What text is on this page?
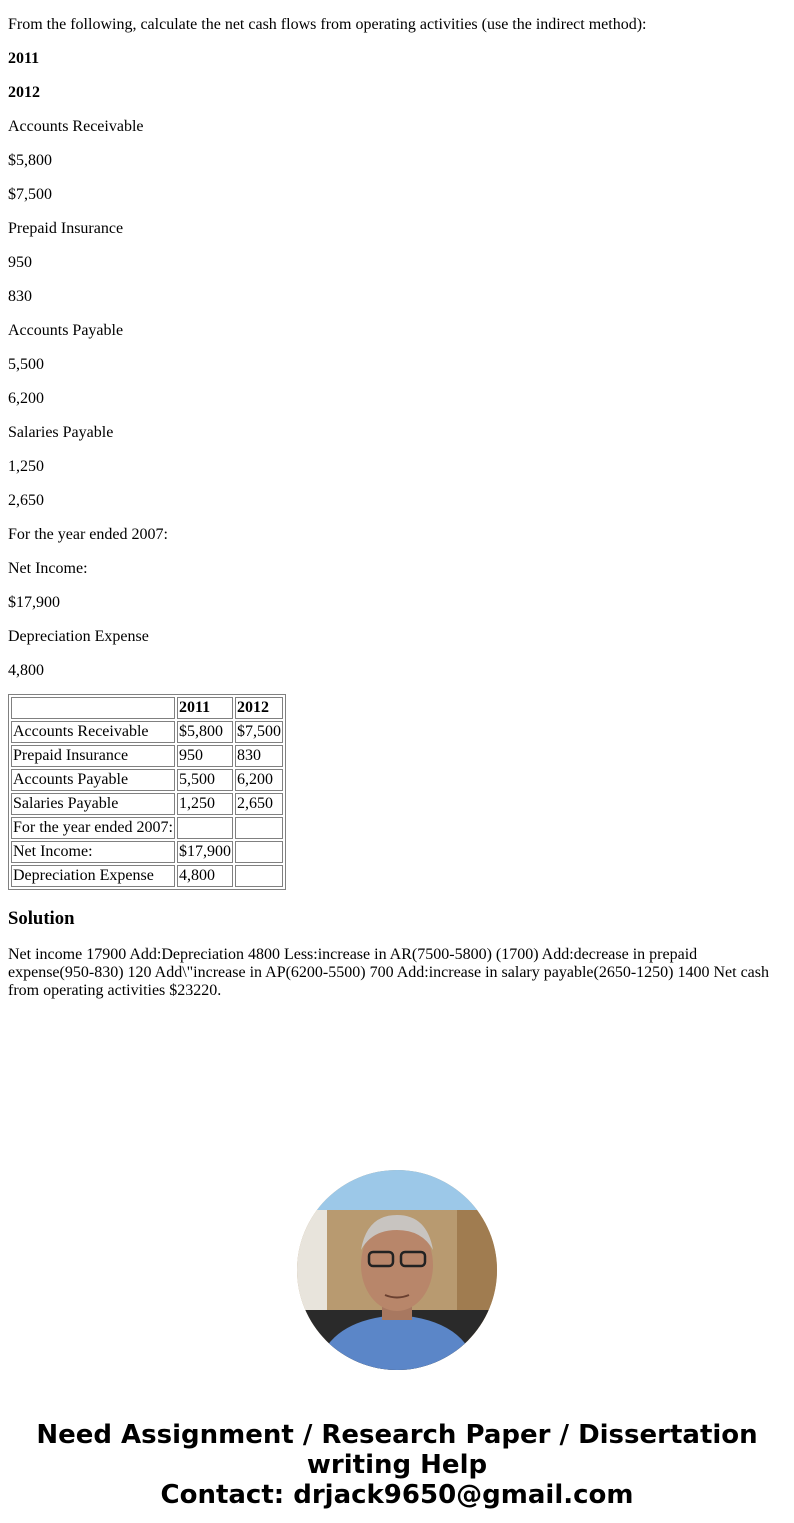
From the following, calculate the net cash flows from operating activities (use the indirect method):

2011

2012

Accounts Receivable

$5,800

$7,500

Prepaid Insurance

950

830

Accounts Payable

5,500

6,200

Salaries Payable

1,250

2,650

For the year ended 2007:

Net Income:

$17,900

Depreciation Expense

4,800

	2011	2012
Accounts Receivable	$5,800	$7,500
Prepaid Insurance	950	830
Accounts Payable	5,500	6,200
Salaries Payable	1,250	2,650
For the year ended 2007:		
Net Income:	$17,900	
Depreciation Expense	4,800	
Solution

Net income 17900 Add:Depreciation 4800 Less:increase in AR(7500-5800) (1700) Add:decrease in prepaid expense(950-830) 120 Add\"increase in AP(6200-5500) 700 Add:increase in salary payable(2650-1250) 1400 Net cash from operating activities $23220.

Need Assignment / Research Paper / Dissertation
writing Help
Contact: drjack9650@gmail.com
